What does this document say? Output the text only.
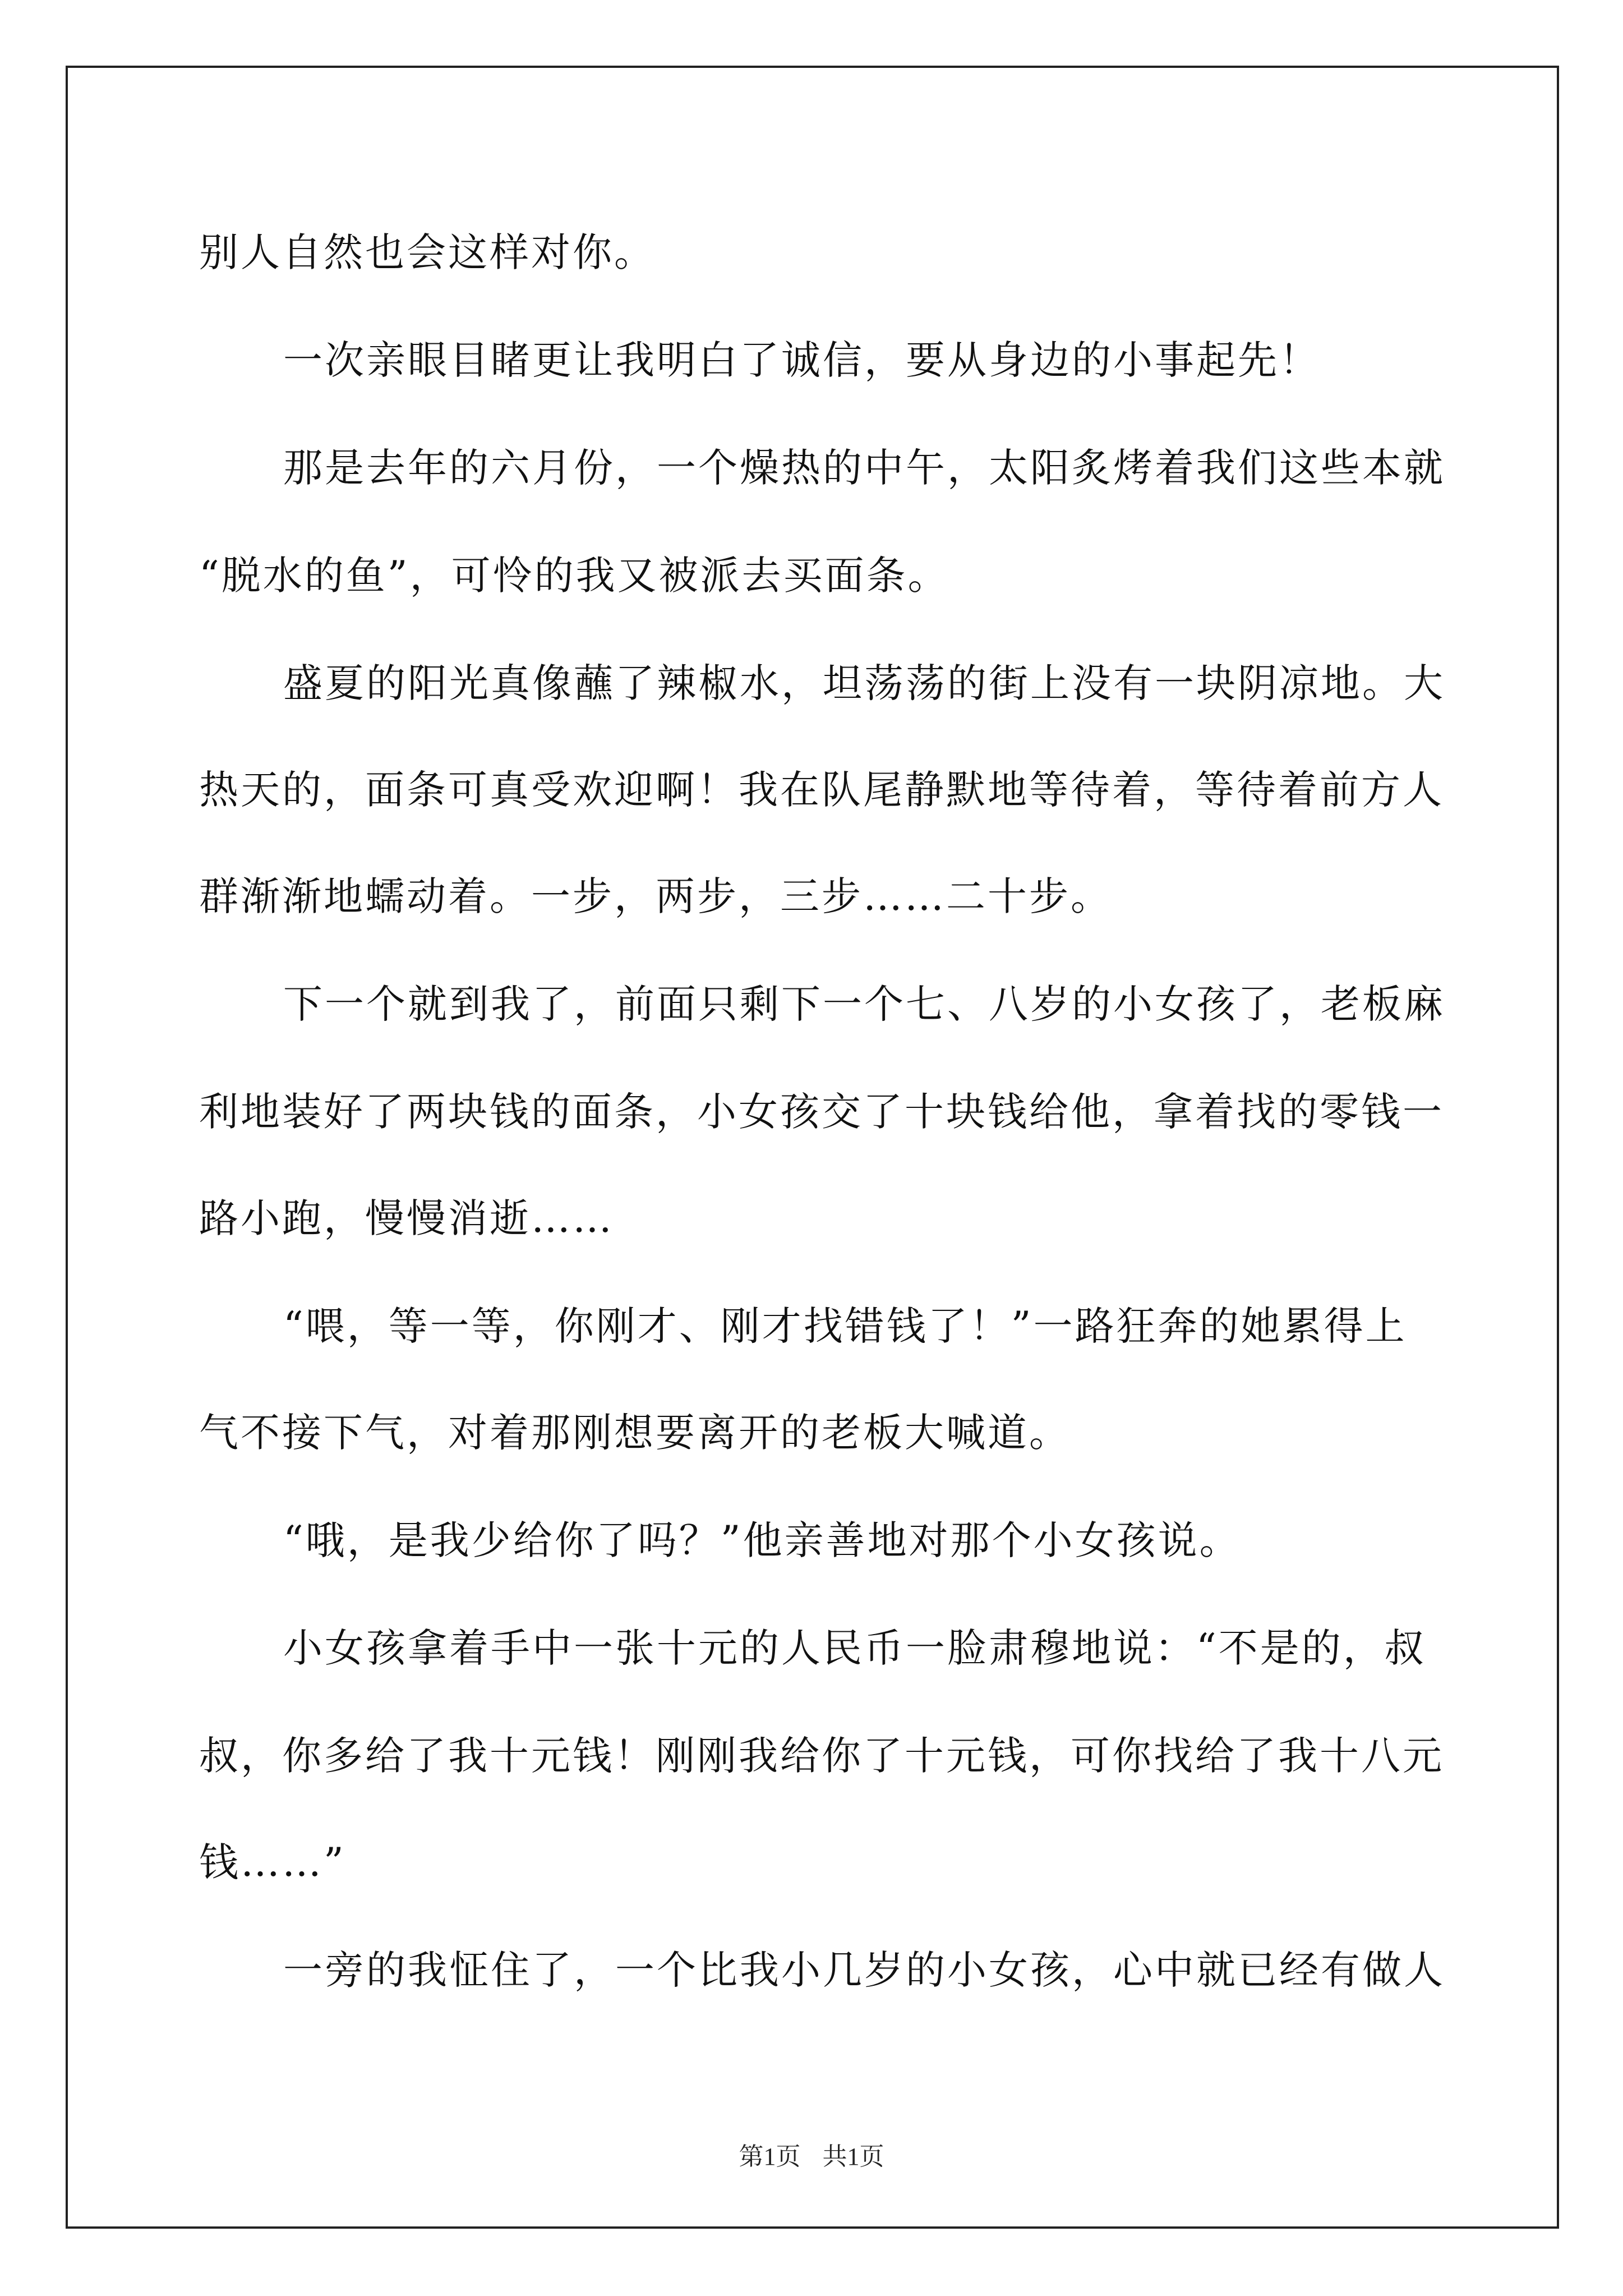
别人自然也会这样对你。
一次亲眼目睹更让我明白了诚信，要从身边的小事起先！
那是去年的六月份，一个燥热的中午，太阳炙烤着我们这些本就
“脱水的鱼”，可怜的我又被派去买面条。
盛夏的阳光真像蘸了辣椒水，坦荡荡的街上没有一块阴凉地。大
热天的，面条可真受欢迎啊！我在队尾静默地等待着，等待着前方人
群渐渐地蠕动着。一步，两步，三步……二十步。
下一个就到我了，前面只剩下一个七、八岁的小女孩了，老板麻
利地装好了两块钱的面条，小女孩交了十块钱给他，拿着找的零钱一
路小跑，慢慢消逝……
“喂，等一等，你刚才、刚才找错钱了！”一路狂奔的她累得上
气不接下气，对着那刚想要离开的老板大喊道。
“哦，是我少给你了吗？”他亲善地对那个小女孩说。
小女孩拿着手中一张十元的人民币一脸肃穆地说：“不是的，叔
叔，你多给了我十元钱！刚刚我给你了十元钱，可你找给了我十八元
钱……”
一旁的我怔住了，一个比我小几岁的小女孩，心中就已经有做人
第1页 共1页
